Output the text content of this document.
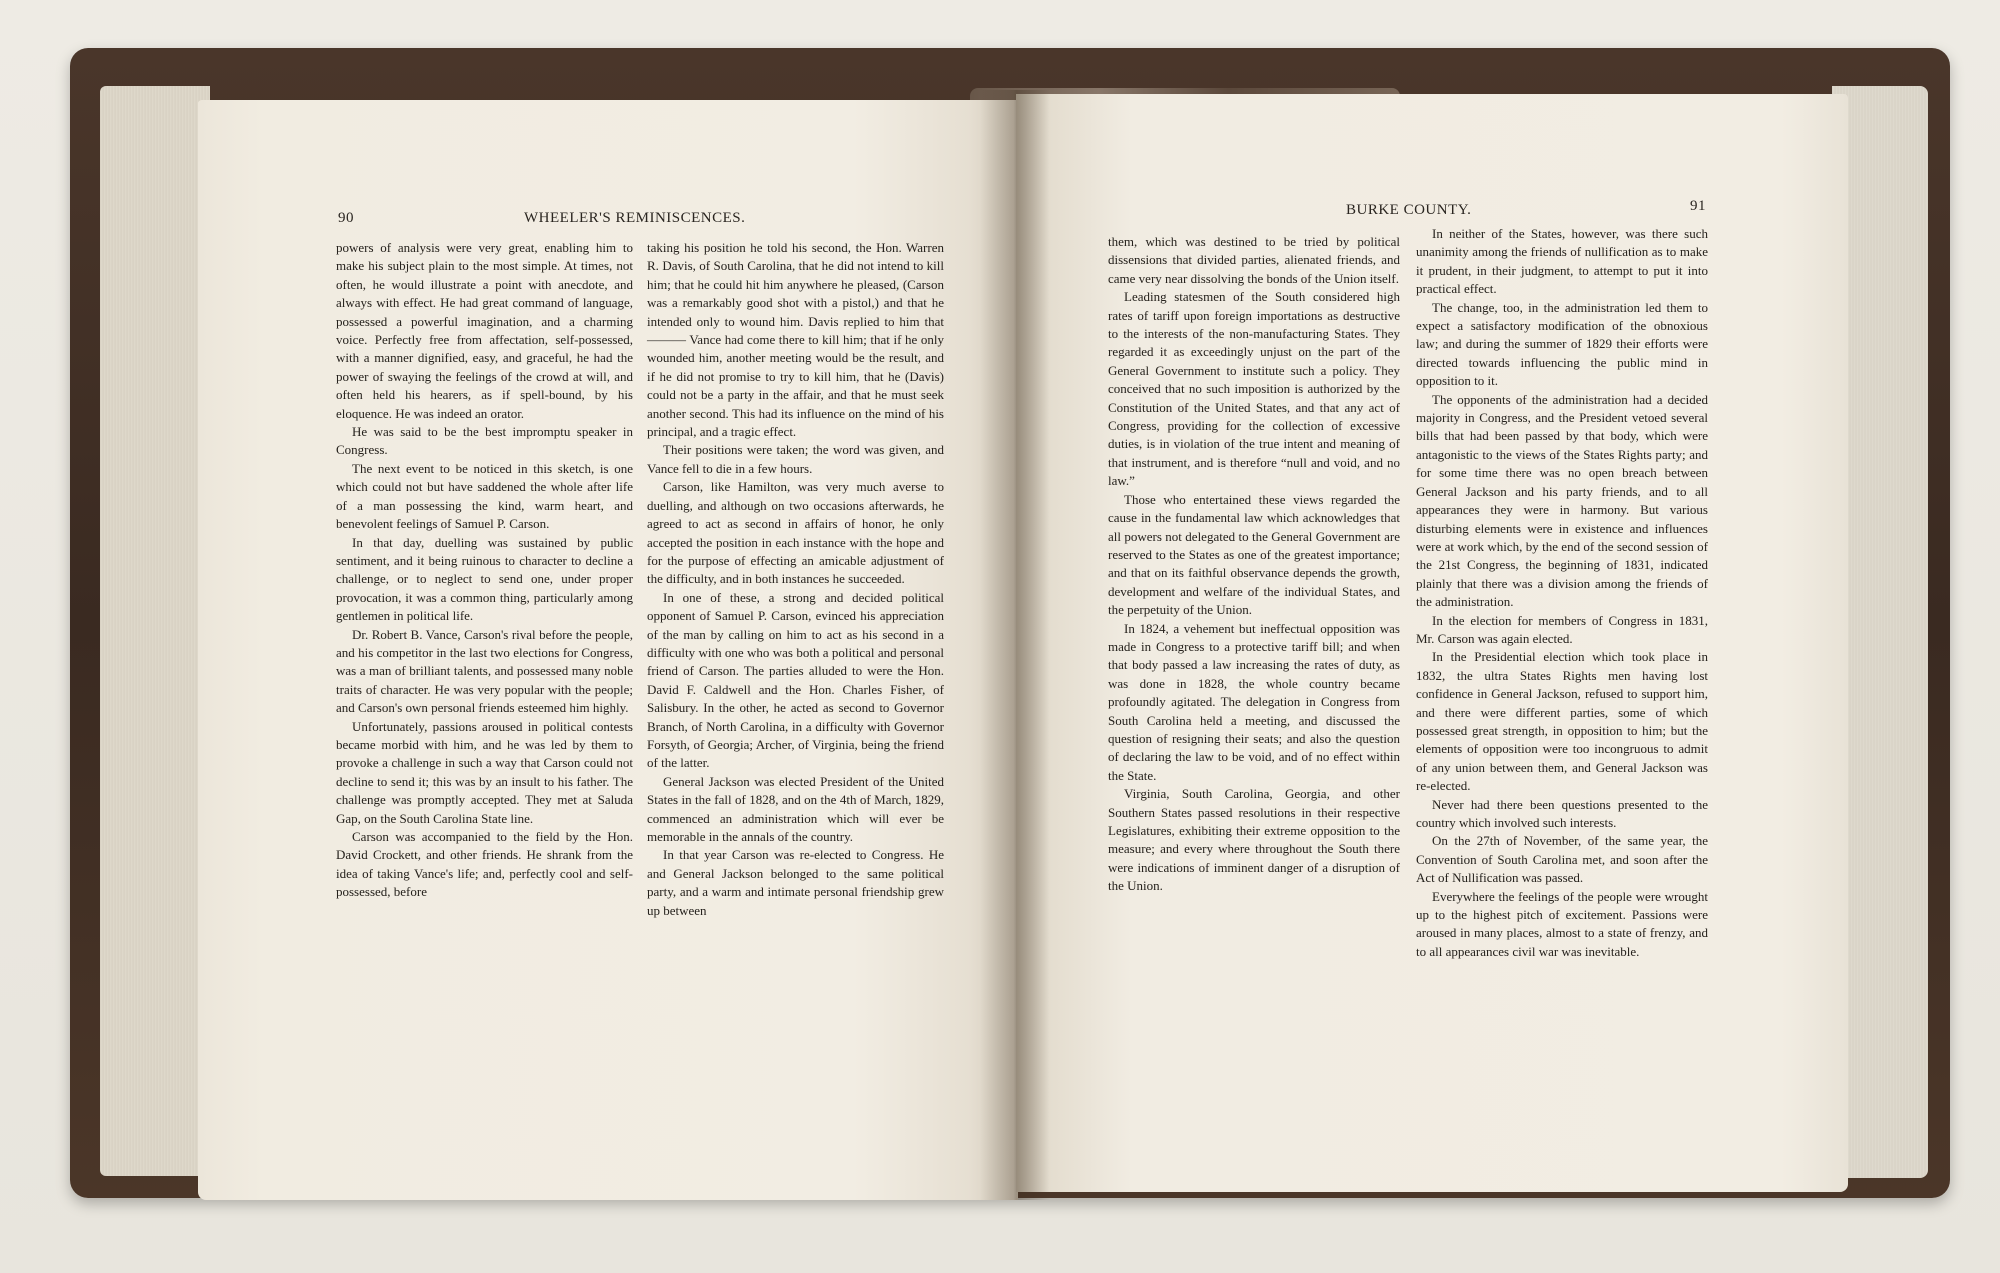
90	WHEELER'S REMINISCENCES.

powers of analysis were very great, enabling him to make his subject plain to the most simple. At times, not often, he would illustrate a point with anecdote, and always with effect. He had great command of language, possessed a powerful imagination, and a charming voice. Perfectly free from affectation, self-possessed, with a manner dignified, easy, and graceful, he had the power of swaying the feelings of the crowd at will, and often held his hearers, as if spell-bound, by his eloquence. He was indeed an orator.

He was said to be the best impromptu speaker in Congress.

The next event to be noticed in this sketch, is one which could not but have saddened the whole after life of a man possessing the kind, warm heart, and benevolent feelings of Samuel P. Carson.

In that day, duelling was sustained by public sentiment, and it being ruinous to character to decline a challenge, or to neglect to send one, under proper provocation, it was a common thing, particularly among gentlemen in political life.

Dr. Robert B. Vance, Carson's rival before the people, and his competitor in the last two elections for Congress, was a man of brilliant talents, and possessed many noble traits of character. He was very popular with the people; and Carson's own personal friends esteemed him highly.

Unfortunately, passions aroused in political contests became morbid with him, and he was led by them to provoke a challenge in such a way that Carson could not decline to send it; this was by an insult to his father. The challenge was promptly accepted. They met at Saluda Gap, on the South Carolina State line.

Carson was accompanied to the field by the Hon. David Crockett, and other friends. He shrank from the idea of taking Vance's life; and, perfectly cool and self-possessed, before

taking his position he told his second, the Hon. Warren R. Davis, of South Carolina, that he did not intend to kill him; that he could hit him anywhere he pleased, (Carson was a remarkably good shot with a pistol,) and that he intended only to wound him. Davis replied to him that ——— Vance had come there to kill him; that if he only wounded him, another meeting would be the result, and if he did not promise to try to kill him, that he (Davis) could not be a party in the affair, and that he must seek another second. This had its influence on the mind of his principal, and a tragic effect.

Their positions were taken; the word was given, and Vance fell to die in a few hours.

Carson, like Hamilton, was very much averse to duelling, and although on two occasions afterwards, he agreed to act as second in affairs of honor, he only accepted the position in each instance with the hope and for the purpose of effecting an amicable adjustment of the difficulty, and in both instances he succeeded.

In one of these, a strong and decided political opponent of Samuel P. Carson, evinced his appreciation of the man by calling on him to act as his second in a difficulty with one who was both a political and personal friend of Carson. The parties alluded to were the Hon. David F. Caldwell and the Hon. Charles Fisher, of Salisbury. In the other, he acted as second to Governor Branch, of North Carolina, in a difficulty with Governor Forsyth, of Georgia; Archer, of Virginia, being the friend of the latter.

General Jackson was elected President of the United States in the fall of 1828, and on the 4th of March, 1829, commenced an administration which will ever be memorable in the annals of the country.

In that year Carson was re-elected to Congress. He and General Jackson belonged to the same political party, and a warm and intimate personal friendship grew up between

BURKE COUNTY.	91

them, which was destined to be tried by political dissensions that divided parties, alienated friends, and came very near dissolving the bonds of the Union itself.

Leading statesmen of the South considered high rates of tariff upon foreign importations as destructive to the interests of the non-manufacturing States. They regarded it as exceedingly unjust on the part of the General Government to institute such a policy. They conceived that no such imposition is authorized by the Constitution of the United States, and that any act of Congress, providing for the collection of excessive duties, is in violation of the true intent and meaning of that instrument, and is therefore “null and void, and no law.”

Those who entertained these views regarded the cause in the fundamental law which acknowledges that all powers not delegated to the General Government are reserved to the States as one of the greatest importance; and that on its faithful observance depends the growth, development and welfare of the individual States, and the perpetuity of the Union.

In 1824, a vehement but ineffectual opposition was made in Congress to a protective tariff bill; and when that body passed a law increasing the rates of duty, as was done in 1828, the whole country became profoundly agitated. The delegation in Congress from South Carolina held a meeting, and discussed the question of resigning their seats; and also the question of declaring the law to be void, and of no effect within the State.

Virginia, South Carolina, Georgia, and other Southern States passed resolutions in their respective Legislatures, exhibiting their extreme opposition to the measure; and every where throughout the South there were indications of imminent danger of a disruption of the Union.

In neither of the States, however, was there such unanimity among the friends of nullification as to make it prudent, in their judgment, to attempt to put it into practical effect.

The change, too, in the administration led them to expect a satisfactory modification of the obnoxious law; and during the summer of 1829 their efforts were directed towards influencing the public mind in opposition to it.

The opponents of the administration had a decided majority in Congress, and the President vetoed several bills that had been passed by that body, which were antagonistic to the views of the States Rights party; and for some time there was no open breach between General Jackson and his party friends, and to all appearances they were in harmony. But various disturbing elements were in existence and influences were at work which, by the end of the second session of the 21st Congress, the beginning of 1831, indicated plainly that there was a division among the friends of the administration.

In the election for members of Congress in 1831, Mr. Carson was again elected.

In the Presidential election which took place in 1832, the ultra States Rights men having lost confidence in General Jackson, refused to support him, and there were different parties, some of which possessed great strength, in opposition to him; but the elements of opposition were too incongruous to admit of any union between them, and General Jackson was re-elected.

Never had there been questions presented to the country which involved such interests.

On the 27th of November, of the same year, the Convention of South Carolina met, and soon after the Act of Nullification was passed.

Everywhere the feelings of the people were wrought up to the highest pitch of excitement. Passions were aroused in many places, almost to a state of frenzy, and to all appearances civil war was inevitable.
